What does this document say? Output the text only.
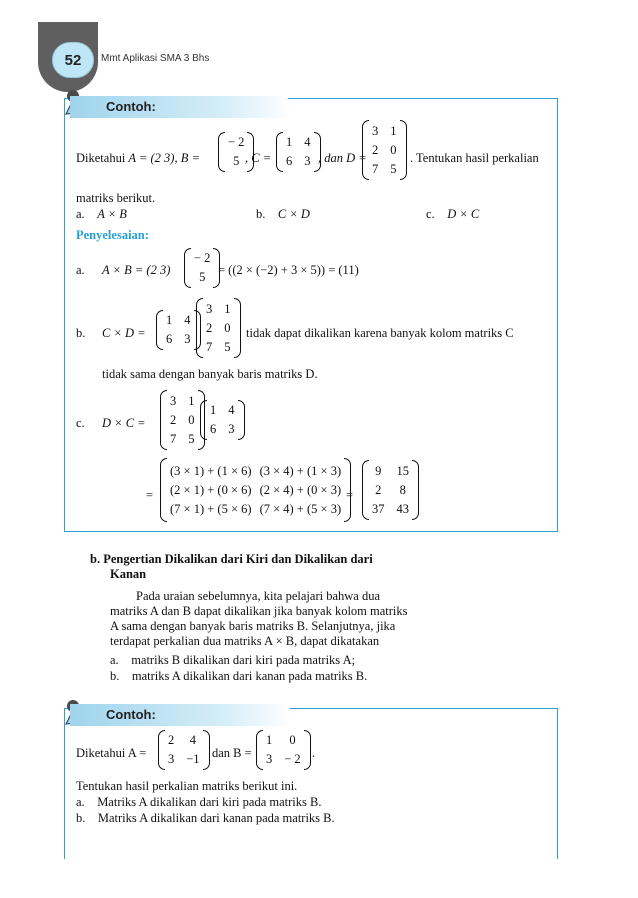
52	Mmt Aplikasi SMA 3 Bhs
Contoh:
Diketahui A = (2 3), B =
− 2
5 , C =
1 4
6 3 , dan D =
3 1
2 0
7 5
. Tentukan hasil perkalian
matriks berikut.
a. A × B	b. C × D	c. D × C
Penyelesaian:
a. A × B = (2 3)
− 2
5	= ((2 × (−2) + 3 × 5)) = (11)
b. C × D =
1 4
6 3
3 1
2 0
7 5
tidak dapat dikalikan karena banyak kolom matriks C
tidak sama dengan banyak baris matriks D.
c. D × C =
3 1
2 0
7 5
1 4
6 3
=
(3 × 1) + (1 × 6) (3 × 4) + (1 × 3)
(2 × 1) + (0 × 6) (2 × 4) + (0 × 3)
(7 × 1) + (5 × 6) (7 × 4) + (5 × 3)
=
9 15
2 8
37 43
b. Pengertian Dikalikan dari Kiri dan Dikalikan dari
Kanan
Pada uraian sebelumnya, kita pelajari bahwa dua
matriks A dan B dapat dikalikan jika banyak kolom matriks
A sama dengan banyak baris matriks B. Selanjutnya, jika
terdapat perkalian dua matriks A × B, dapat dikatakan
a. matriks B dikalikan dari kiri pada matriks A;
b. matriks A dikalikan dari kanan pada matriks B.
Contoh:
Diketahui A =
2 4
3 −1 dan B =
1	0
3 − 2 .
Tentukan hasil perkalian matriks berikut ini.
a. Matriks A dikalikan dari kiri pada matriks B.
b. Matriks A dikalikan dari kanan pada matriks B.
